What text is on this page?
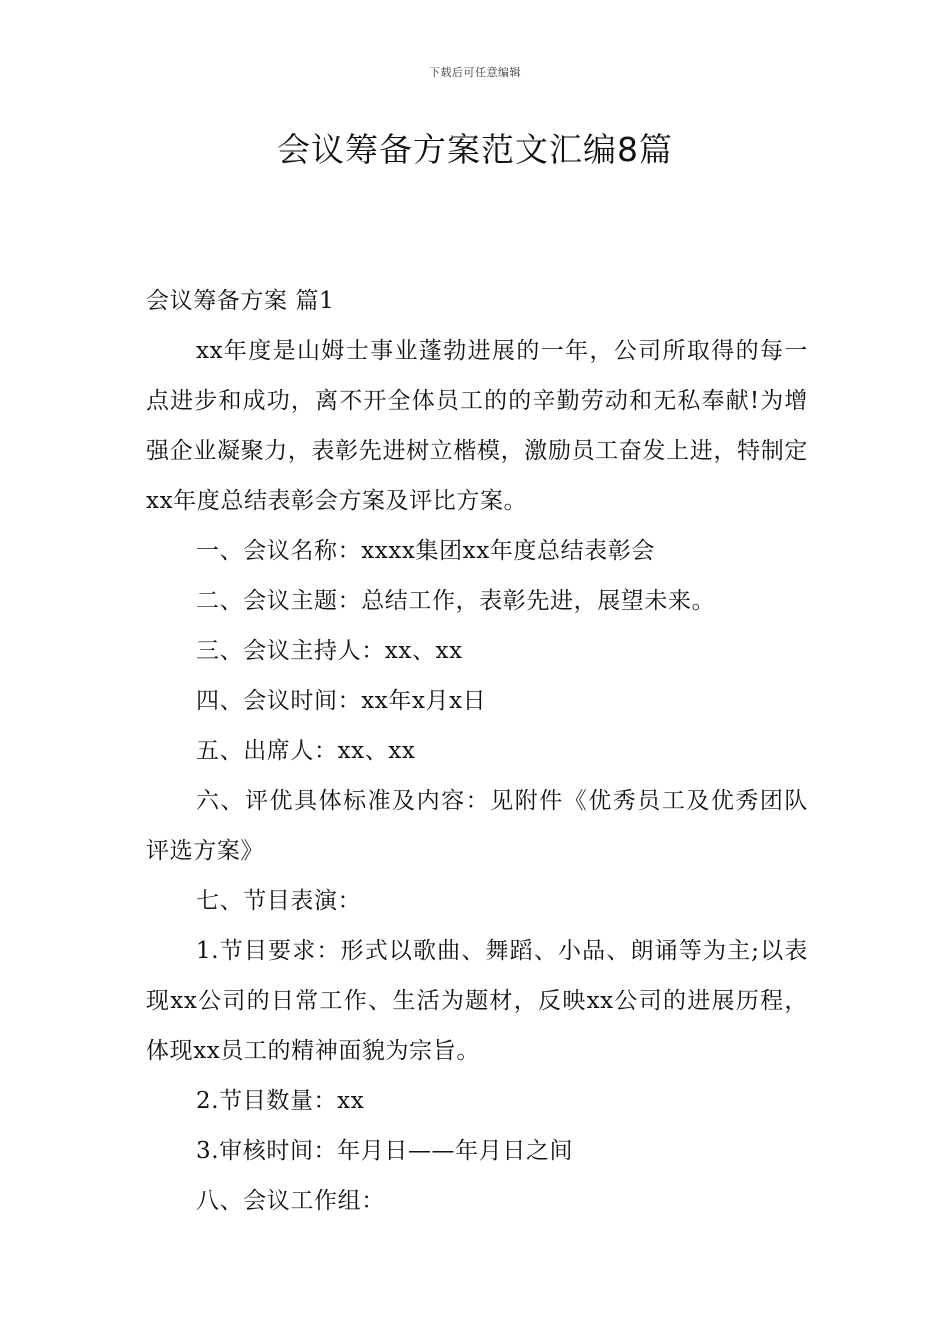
下载后可任意编辑
会议筹备方案范文汇编8篇

会议筹备方案 篇1

xx年度是山姆士事业蓬勃进展的一年，公司所取得的每一点进步和成功，离不开全体员工的的辛勤劳动和无私奉献!为增强企业凝聚力，表彰先进树立楷模，激励员工奋发上进，特制定xx年度总结表彰会方案及评比方案。

一、会议名称：xxxx集团xx年度总结表彰会

二、会议主题：总结工作，表彰先进，展望未来。

三、会议主持人：xx、xx

四、会议时间：xx年x月x日

五、出席人：xx、xx

六、评优具体标准及内容：见附件《优秀员工及优秀团队评选方案》

七、节目表演：

1.节目要求：形式以歌曲、舞蹈、小品、朗诵等为主;以表现xx公司的日常工作、生活为题材，反映xx公司的进展历程，体现xx员工的精神面貌为宗旨。

2.节目数量：xx

3.审核时间：年月日——年月日之间

八、会议工作组：
